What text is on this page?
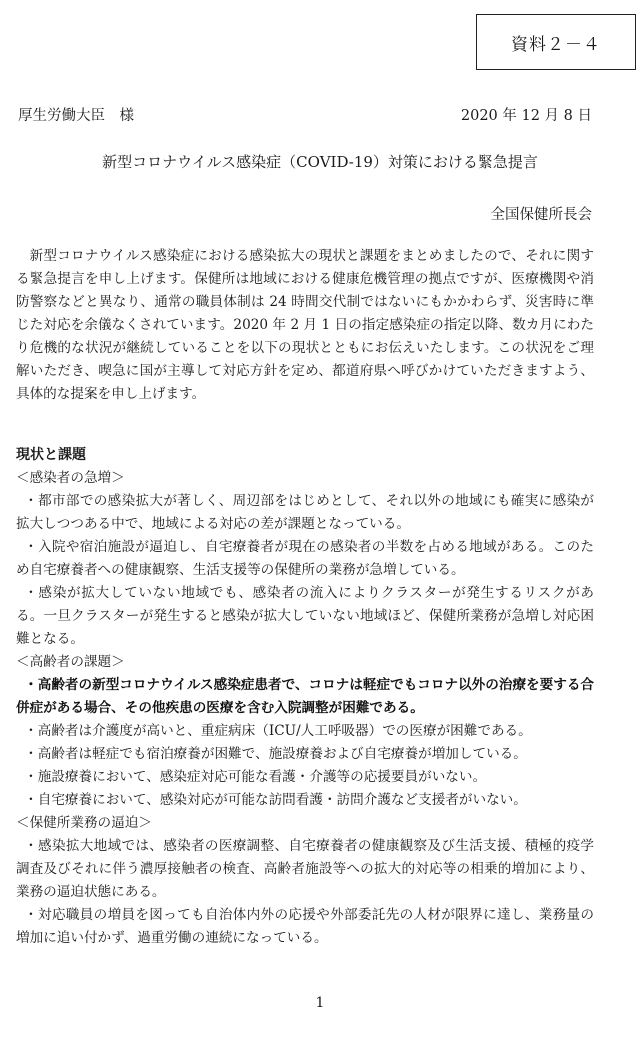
資料２－４
厚生労働大臣　様	2020 年 12 月 8 日
新型コロナウイルス感染症（COVID-19）対策における緊急提言
全国保健所長会

新型コロナウイルス感染症における感染拡大の現状と課題をまとめましたので、それに関する緊急提言を申し上げます。保健所は地域における健康危機管理の拠点ですが、医療機関や消防警察などと異なり、通常の職員体制は 24 時間交代制ではないにもかかわらず、災害時に準じた対応を余儀なくされています。2020 年 2 月 1 日の指定感染症の指定以降、数カ月にわたり危機的な状況が継続していることを以下の現状とともにお伝えいたします。この状況をご理解いただき、喫急に国が主導して対応方針を定め、都道府県へ呼びかけていただきますよう、具体的な提案を申し上げます。

現状と課題
＜感染者の急増＞

・都市部での感染拡大が著しく、周辺部をはじめとして、それ以外の地域にも確実に感染が拡大しつつある中で、地域による対応の差が課題となっている。

・入院や宿泊施設が逼迫し、自宅療養者が現在の感染者の半数を占める地域がある。このため自宅療養者への健康観察、生活支援等の保健所の業務が急増している。

・感染が拡大していない地域でも、感染者の流入によりクラスターが発生するリスクがある。一旦クラスターが発生すると感染が拡大していない地域ほど、保健所業務が急増し対応困難となる。

＜高齢者の課題＞

・高齢者の新型コロナウイルス感染症患者で、コロナは軽症でもコロナ以外の治療を要する合併症がある場合、その他疾患の医療を含む入院調整が困難である。

・高齢者は介護度が高いと、重症病床（ICU/人工呼吸器）での医療が困難である。

・高齢者は軽症でも宿泊療養が困難で、施設療養および自宅療養が増加している。

・施設療養において、感染症対応可能な看護・介護等の応援要員がいない。

・自宅療養において、感染対応が可能な訪問看護・訪問介護など支援者がいない。

＜保健所業務の逼迫＞

・感染拡大地域では、感染者の医療調整、自宅療養者の健康観察及び生活支援、積極的疫学調査及びそれに伴う濃厚接触者の検査、高齢者施設等への拡大的対応等の相乗的増加により、業務の逼迫状態にある。

・対応職員の増員を図っても自治体内外の応援や外部委託先の人材が限界に達し、業務量の増加に追い付かず、過重労働の連続になっている。

1
